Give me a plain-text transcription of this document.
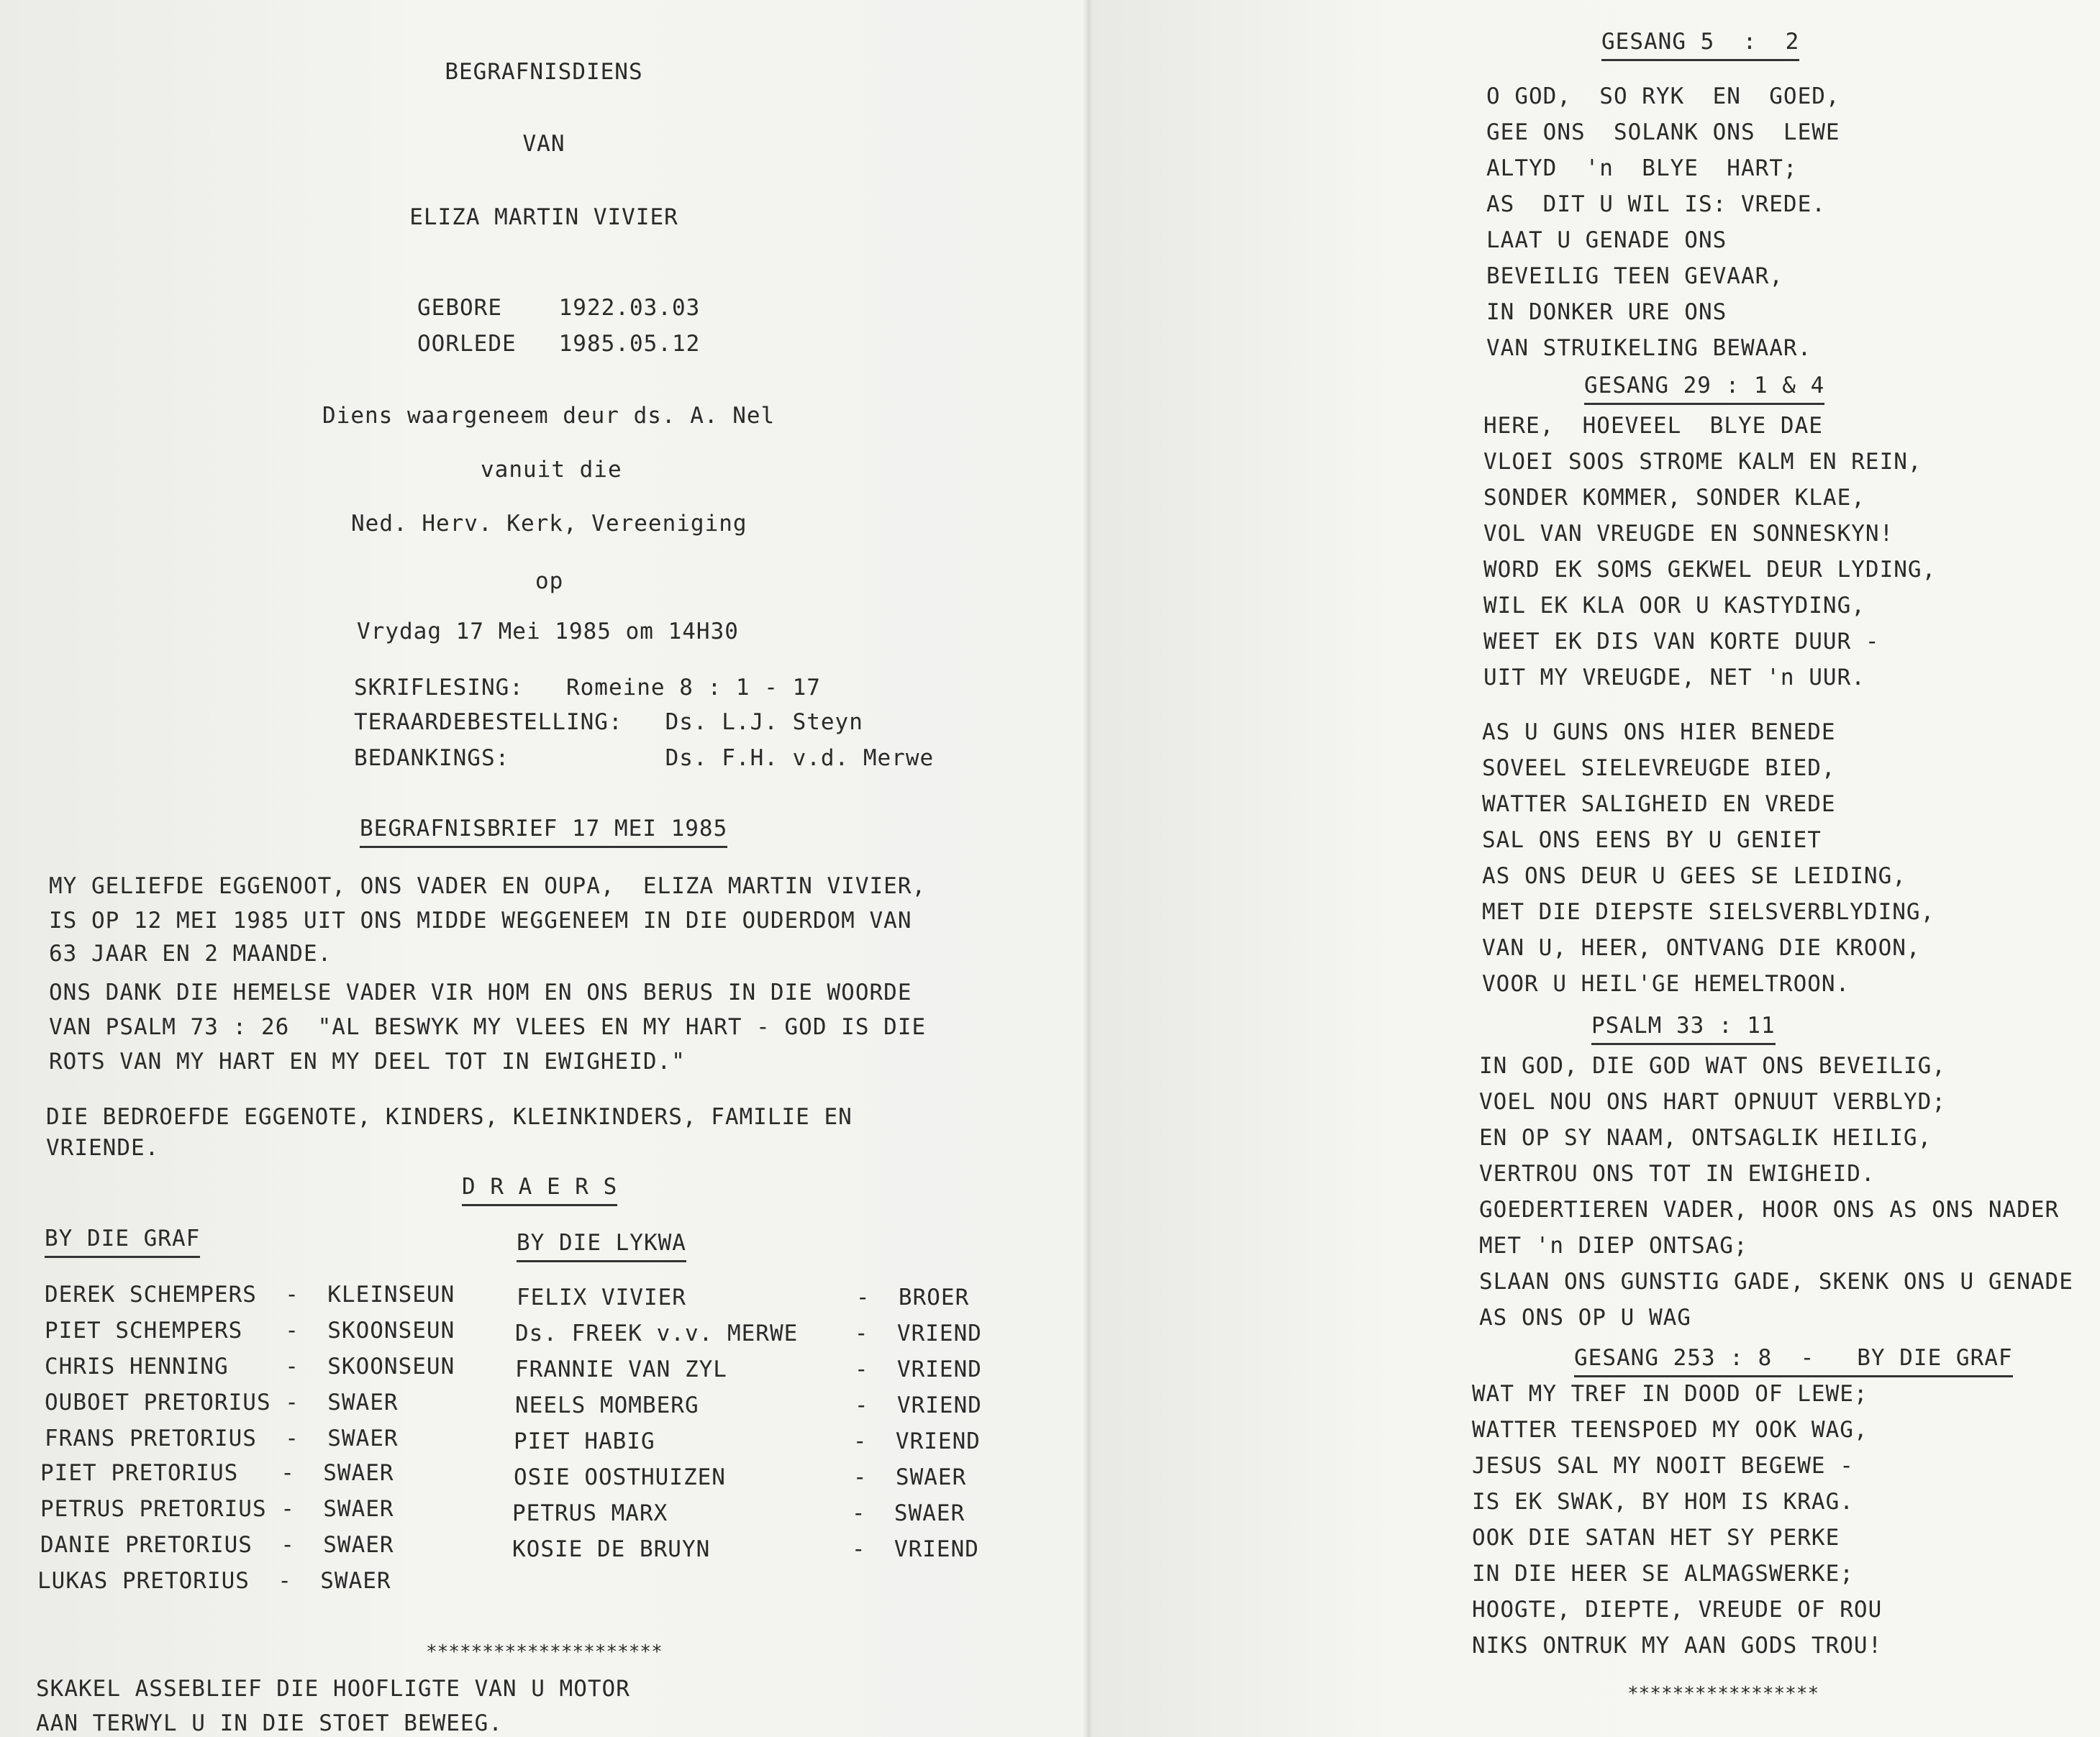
BEGRAFNISDIENS
VAN
ELIZA MARTIN VIVIER
GEBORE    1922.03.03
OORLEDE   1985.05.12
Diens waargeneem deur ds. A. Nel
vanuit die
Ned. Herv. Kerk, Vereeniging
op
Vrydag 17 Mei 1985 om 14H30
SKRIFLESING:   Romeine 8 : 1 - 17
TERAARDEBESTELLING:   Ds. L.J. Steyn
BEDANKINGS:           Ds. F.H. v.d. Merwe
BEGRAFNISBRIEF 17 MEI 1985
MY GELIEFDE EGGENOOT, ONS VADER EN OUPA,  ELIZA MARTIN VIVIER,
IS OP 12 MEI 1985 UIT ONS MIDDE WEGGENEEM IN DIE OUDERDOM VAN
63 JAAR EN 2 MAANDE.
ONS DANK DIE HEMELSE VADER VIR HOM EN ONS BERUS IN DIE WOORDE
VAN PSALM 73 : 26  "AL BESWYK MY VLEES EN MY HART - GOD IS DIE
ROTS VAN MY HART EN MY DEEL TOT IN EWIGHEID."
DIE BEDROEFDE EGGENOTE, KINDERS, KLEINKINDERS, FAMILIE EN
VRIENDE.
D R A E R S
BY DIE GRAF	BY DIE LYKWA
DEREK SCHEMPERS  -  KLEINSEUN
PIET SCHEMPERS   -  SKOONSEUN
CHRIS HENNING    -  SKOONSEUN
OUBOET PRETORIUS -  SWAER
FRANS PRETORIUS  -  SWAER
PIET PRETORIUS   -  SWAER
PETRUS PRETORIUS -  SWAER
DANIE PRETORIUS  -  SWAER
LUKAS PRETORIUS  -  SWAER
FELIX VIVIER            -  BROER
Ds. FREEK v.v. MERWE    -  VRIEND
FRANNIE VAN ZYL         -  VRIEND
NEELS MOMBERG           -  VRIEND
PIET HABIG              -  VRIEND
OSIE OOSTHUIZEN         -  SWAER
PETRUS MARX             -  SWAER
KOSIE DE BRUYN          -  VRIEND
*********************
SKAKEL ASSEBLIEF DIE HOOFLIGTE VAN U MOTOR
AAN TERWYL U IN DIE STOET BEWEEG.
GESANG 5  :  2
O GOD,  SO RYK  EN  GOED,
GEE ONS  SOLANK ONS  LEWE
ALTYD  'n  BLYE  HART;
AS  DIT U WIL IS: VREDE.
LAAT U GENADE ONS
BEVEILIG TEEN GEVAAR,
IN DONKER URE ONS
VAN STRUIKELING BEWAAR.
GESANG 29 : 1 & 4
HERE,  HOEVEEL  BLYE DAE
VLOEI SOOS STROME KALM EN REIN,
SONDER KOMMER, SONDER KLAE,
VOL VAN VREUGDE EN SONNESKYN!
WORD EK SOMS GEKWEL DEUR LYDING,
WIL EK KLA OOR U KASTYDING,
WEET EK DIS VAN KORTE DUUR -
UIT MY VREUGDE, NET 'n UUR.
AS U GUNS ONS HIER BENEDE
SOVEEL SIELEVREUGDE BIED,
WATTER SALIGHEID EN VREDE
SAL ONS EENS BY U GENIET
AS ONS DEUR U GEES SE LEIDING,
MET DIE DIEPSTE SIELSVERBLYDING,
VAN U, HEER, ONTVANG DIE KROON,
VOOR U HEIL'GE HEMELTROON.
PSALM 33 : 11
IN GOD, DIE GOD WAT ONS BEVEILIG,
VOEL NOU ONS HART OPNUUT VERBLYD;
EN OP SY NAAM, ONTSAGLIK HEILIG,
VERTROU ONS TOT IN EWIGHEID.
GOEDERTIEREN VADER, HOOR ONS AS ONS NADER
MET 'n DIEP ONTSAG;
SLAAN ONS GUNSTIG GADE, SKENK ONS U GENADE
AS ONS OP U WAG
GESANG 253 : 8  -   BY DIE GRAF
WAT MY TREF IN DOOD OF LEWE;
WATTER TEENSPOED MY OOK WAG,
JESUS SAL MY NOOIT BEGEWE -
IS EK SWAK, BY HOM IS KRAG.
OOK DIE SATAN HET SY PERKE
IN DIE HEER SE ALMAGSWERKE;
HOOGTE, DIEPTE, VREUDE OF ROU
NIKS ONTRUK MY AAN GODS TROU!
*****************
